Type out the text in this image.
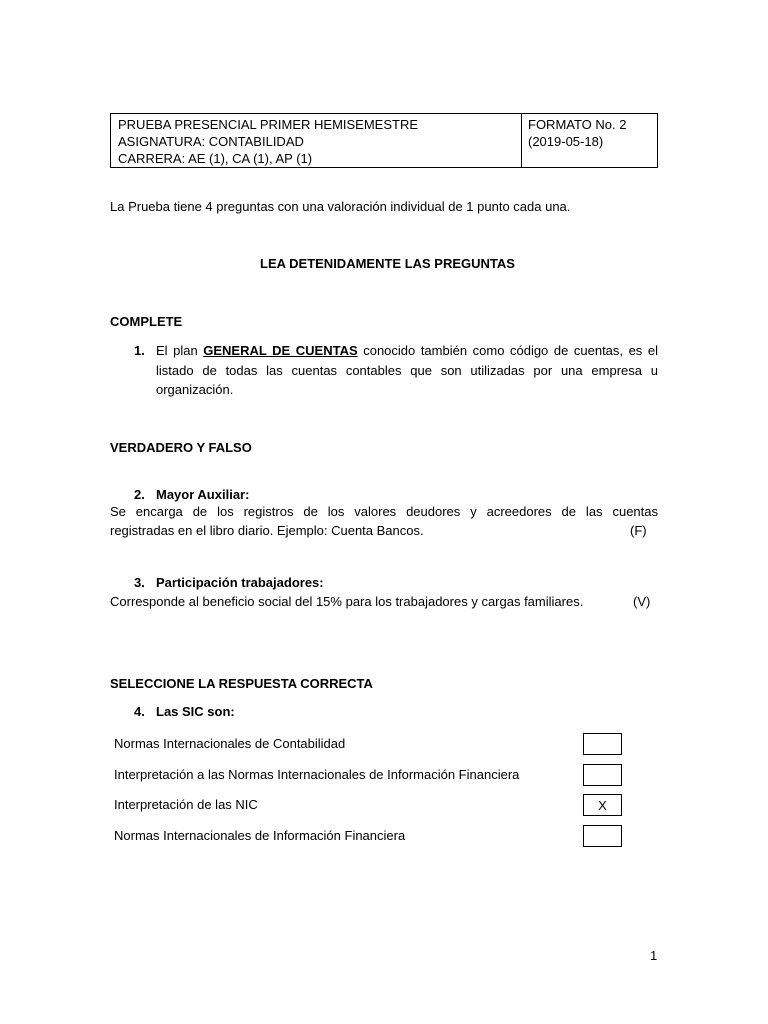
PRUEBA PRESENCIAL PRIMER HEMISEMESTRE
ASIGNATURA: CONTABILIDAD
CARRERA: AE (1), CA (1), AP (1)
FORMATO No. 2
(2019-05-18)
La Prueba tiene 4 preguntas con una valoración individual de 1 punto cada una.
LEA DETENIDAMENTE LAS PREGUNTAS
COMPLETE
1. El plan GENERAL DE CUENTAS conocido también como código de cuentas, es el listado de todas las cuentas contables que son utilizadas por una empresa u organización.
VERDADERO Y FALSO
2. Mayor Auxiliar:
Se encarga de los registros de los valores deudores y acreedores de las cuentas
registradas en el libro diario. Ejemplo: Cuenta Bancos.	(F)
3. Participación trabajadores:
Corresponde al beneficio social del 15% para los trabajadores y cargas familiares.	(V)
SELECCIONE LA RESPUESTA CORRECTA
4. Las SIC son:
Normas Internacionales de Contabilidad
Interpretación a las Normas Internacionales de Información Financiera
Interpretación de las NIC	X
Normas Internacionales de Información Financiera
1
